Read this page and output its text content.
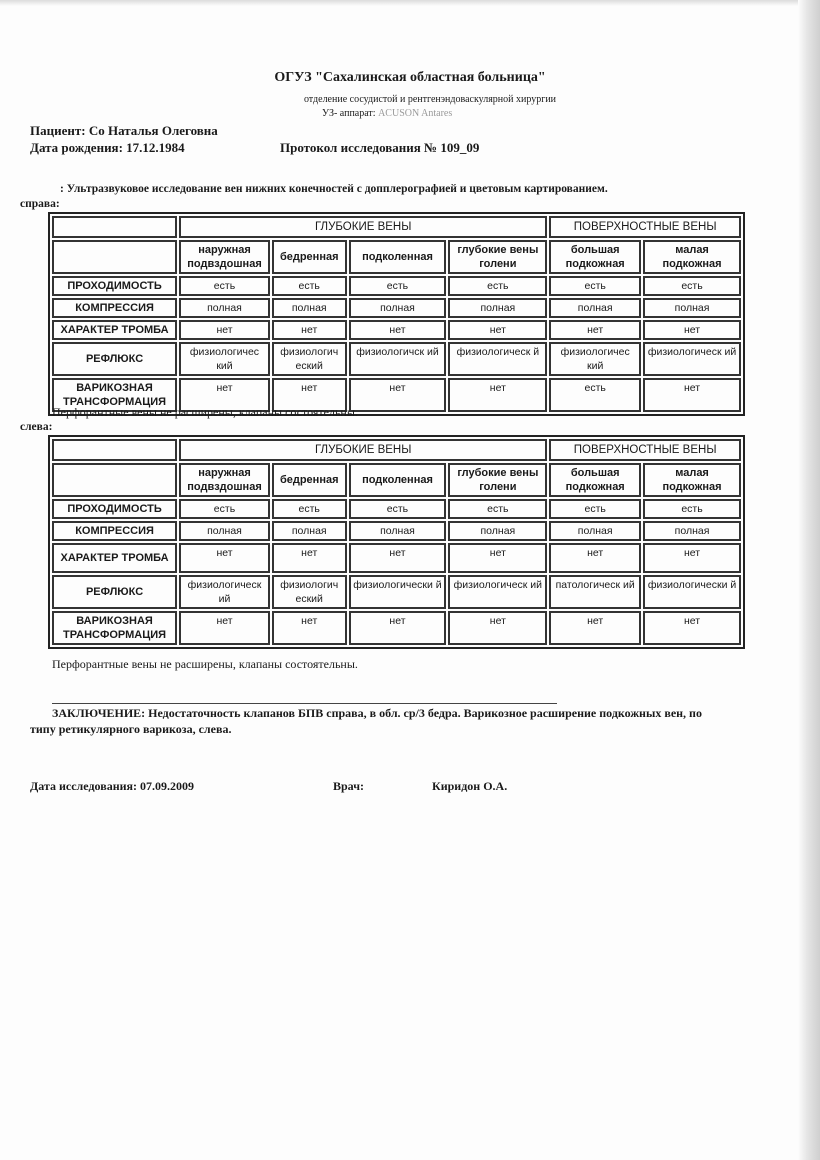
ОГУЗ "Сахалинская областная больница"
отделение сосудистой и рентгенэндоваскулярной хирургии
УЗ- аппарат: ACUSON Antares
Пациент: Со Наталья Олеговна
Дата рождения: 17.12.1984	Протокол исследования № 109_09
: Ультразвуковое исследование вен нижних конечностей с допплерографией и цветовым картированием.
справа:
	ГЛУБОКИЕ ВЕНЫ				ПОВЕРХНОСТНЫЕ ВЕНЫ	
	наружная подвздошная	бедренная	подколенная	глубокие вены голени	большая подкожная	малая подкожная
ПРОХОДИМОСТЬ	есть	есть	есть	есть	есть	есть
КОМПРЕССИЯ	полная	полная	полная	полная	полная	полная
ХАРАКТЕР ТРОМБА	нет	нет	нет	нет	нет	нет
РЕФЛЮКС	физиологичес кий	физиологич еский	физиологичск ий	физиологическ й	физиологичес кий	физиологическ ий
ВАРИКОЗНАЯ ТРАНСФОРМАЦИЯ	нет	нет	нет	нет	есть	нет
Перфорантные вены не расширены, клапаны состоятельны.
слева:
	ГЛУБОКИЕ ВЕНЫ				ПОВЕРХНОСТНЫЕ ВЕНЫ	
	наружная подвздошная	бедренная	подколенная	глубокие вены голени	большая подкожная	малая подкожная
ПРОХОДИМОСТЬ	есть	есть	есть	есть	есть	есть
КОМПРЕССИЯ	полная	полная	полная	полная	полная	полная
ХАРАКТЕР ТРОМБА	нет	нет	нет	нет	нет	нет
РЕФЛЮКС	физиологическ ий	физиологич еский	физиологически й	физиологическ ий	патологическ ий	физиологически й
ВАРИКОЗНАЯ ТРАНСФОРМАЦИЯ	нет	нет	нет	нет	нет	нет
Перфорантные вены не расширены, клапаны состоятельны.
ЗАКЛЮЧЕНИЕ: Недостаточность клапанов БПВ справа, в обл. ср/3 бедра. Варикозное расширение подкожных вен, по типу ретикулярного варикоза, слева.
Дата исследования: 07.09.2009	Врач:	Киридон О.А.
